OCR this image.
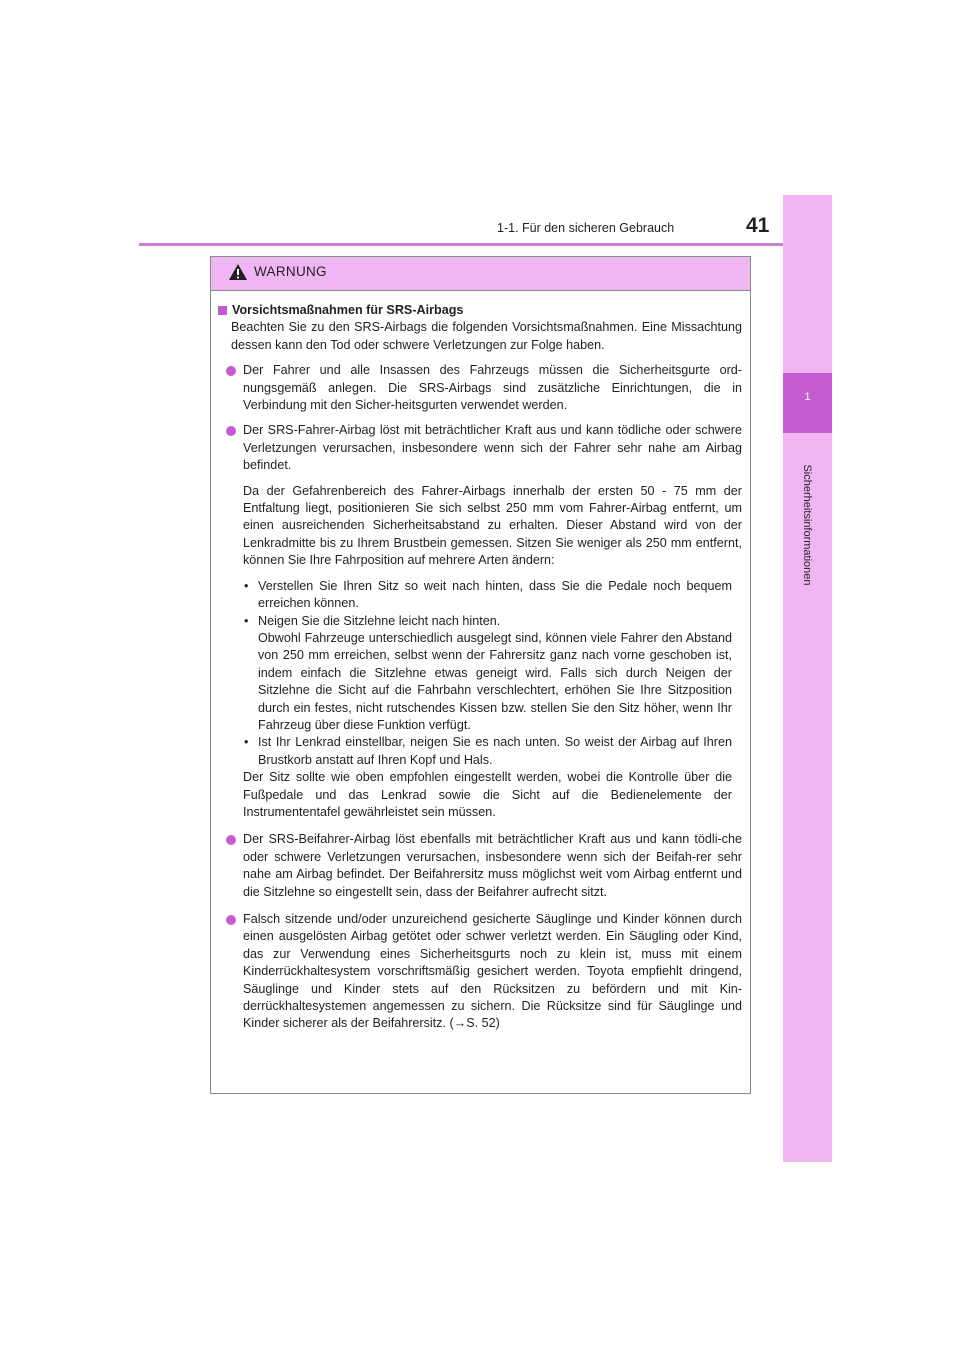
1-1. Für den sicheren Gebrauch	41
1
Sicherheitsinformationen
WARNUNG
Vorsichtsmaßnahmen für SRS-Airbags
Beachten Sie zu den SRS-Airbags die folgenden Vorsichtsmaßnahmen. Eine Missachtung dessen kann den Tod oder schwere Verletzungen zur Folge haben.
Der Fahrer und alle Insassen des Fahrzeugs müssen die Sicherheitsgurte ord-nungsgemäß anlegen. Die SRS-Airbags sind zusätzliche Einrichtungen, die in Verbindung mit den Sicher-heitsgurten verwendet werden.
Der SRS-Fahrer-Airbag löst mit beträchtlicher Kraft aus und kann tödliche oder schwere Verletzungen verursachen, insbesondere wenn sich der Fahrer sehr nahe am Airbag befindet.
Da der Gefahrenbereich des Fahrer-Airbags innerhalb der ersten 50 - 75 mm der Entfaltung liegt, positionieren Sie sich selbst 250 mm vom Fahrer-Airbag entfernt, um einen ausreichenden Sicherheitsabstand zu erhalten. Dieser Abstand wird von der Lenkradmitte bis zu Ihrem Brustbein gemessen. Sitzen Sie weniger als 250 mm entfernt, können Sie Ihre Fahrposition auf mehrere Arten ändern:
• Verstellen Sie Ihren Sitz so weit nach hinten, dass Sie die Pedale noch bequem erreichen können.
• Neigen Sie die Sitzlehne leicht nach hinten.
Obwohl Fahrzeuge unterschiedlich ausgelegt sind, können viele Fahrer den Abstand von 250 mm erreichen, selbst wenn der Fahrersitz ganz nach vorne geschoben ist, indem einfach die Sitzlehne etwas geneigt wird. Falls sich durch Neigen der Sitzlehne die Sicht auf die Fahrbahn verschlechtert, erhöhen Sie Ihre Sitzposition durch ein festes, nicht rutschendes Kissen bzw. stellen Sie den Sitz höher, wenn Ihr Fahrzeug über diese Funktion verfügt.
• Ist Ihr Lenkrad einstellbar, neigen Sie es nach unten. So weist der Airbag auf Ihren Brustkorb anstatt auf Ihren Kopf und Hals.
Der Sitz sollte wie oben empfohlen eingestellt werden, wobei die Kontrolle über die Fußpedale und das Lenkrad sowie die Sicht auf die Bedienelemente der Instrumententafel gewährleistet sein müssen.
Der SRS-Beifahrer-Airbag löst ebenfalls mit beträchtlicher Kraft aus und kann tödli-che oder schwere Verletzungen verursachen, insbesondere wenn sich der Beifah-rer sehr nahe am Airbag befindet. Der Beifahrersitz muss möglichst weit vom Airbag entfernt und die Sitzlehne so eingestellt sein, dass der Beifahrer aufrecht sitzt.
Falsch sitzende und/oder unzureichend gesicherte Säuglinge und Kinder können durch einen ausgelösten Airbag getötet oder schwer verletzt werden. Ein Säugling oder Kind, das zur Verwendung eines Sicherheitsgurts noch zu klein ist, muss mit einem Kinderrückhaltesystem vorschriftsmäßig gesichert werden. Toyota empfiehlt dringend, Säuglinge und Kinder stets auf den Rücksitzen zu befördern und mit Kin-derrückhaltesystemen angemessen zu sichern. Die Rücksitze sind für Säuglinge und Kinder sicherer als der Beifahrersitz. (→S. 52)
